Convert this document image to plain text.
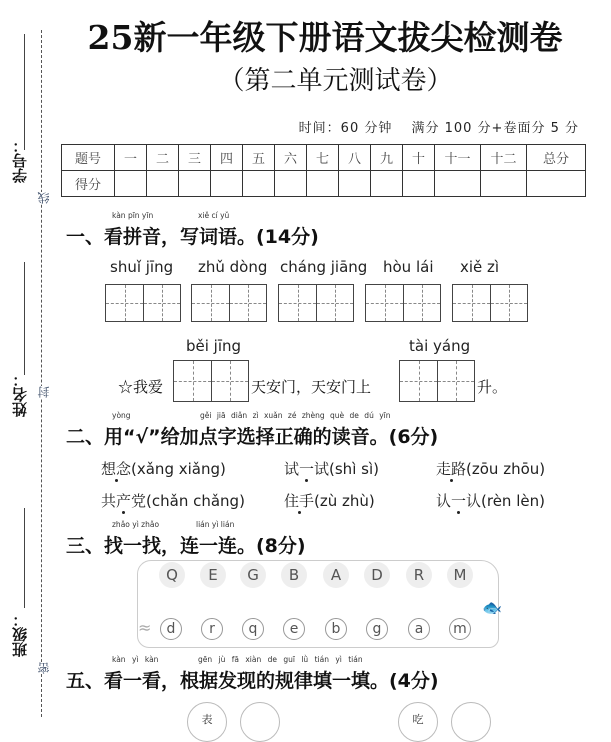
学号：
姓名：
班级：
线
封
密
25新一年级下册语文拔尖检测卷
（第二单元测试卷）
时间：60 分钟　 满分 100 分+卷面分 5 分
题号	一	二	三	四	五	六	七	八	九	十	十一	十二	总分
得分													
kàn pīn yīn	xiě cí yǔ
一、看拼音，写词语。(14分)
shuǐ jīng zhǔ dòng cháng jiāng hòu lái xiě zì
běi jīng	tài yáng
☆我爱	天安门，天安门上	升。
yòng	gěi jiā diǎn zì xuǎn zé zhèng què de dú yīn
二、用“√”给加点字选择正确的读音。(6分)
想念(xǎng xiǎng)	试一试(shì sì)	走路(zōu zhōu)
共产党(chǎn chǎng)	住手(zù zhù)	认一认(rèn lèn)
zhǎo yì zhǎo	lián yì lián
三、找一找，连一连。(8分)
Q	E	G	B	A	D	R	M
d	r	q	e	b	g	a	m
≈
🐟
kàn yì kàn	gēn jù fā xiàn de guī lǜ tián yì tián
五、看一看，根据发现的规律填一填。(4分)
表	吃
